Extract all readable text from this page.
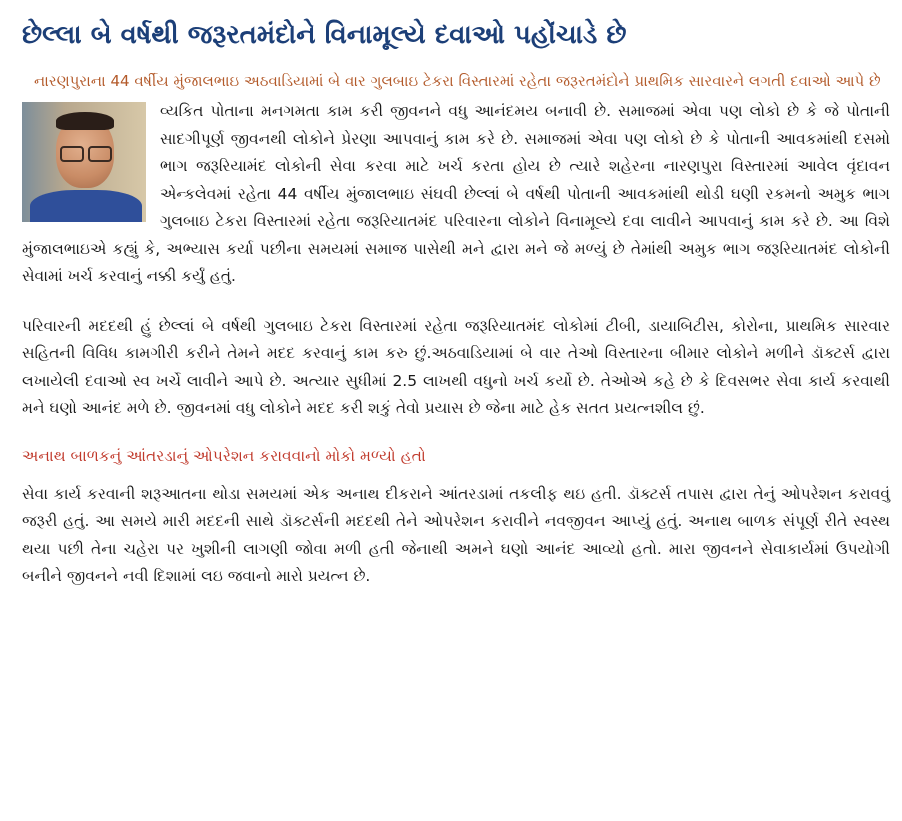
છેલ્લા બે વર્ષથી જરૂરતમંદોને વિનામૂલ્યે દવાઓ પહોંચાડે છે

નારણપુરાના 44 વર્ષીય મુંજાલભાઇ અઠવાડિયામાં બે વાર ગુલબાઇ ટેકરા વિસ્તારમાં રહેતા જરૂરતમંદોને પ્રાથમિક સારવારને લગતી દવાઓ આપે છે

વ્યકિત પોતાના મનગમતા કામ કરી જીવનને વધુ આનંદમય બનાવી છે. સમાજમાં એવા પણ લોકો છે કે જે પોતાની સાદગીપૂર્ણ જીવનથી લોકોને પ્રેરણા આપવાનું કામ કરે છે. સમાજમાં એવા પણ લોકો છે કે પોતાની આવકમાંથી દસમો ભાગ જરૂરિયામંદ લોકોની સેવા કરવા માટે ખર્ચ કરતા હોય છે ત્યારે શહેરના નારણપુરા વિસ્તારમાં આવેલ વૃંદાવન એન્કલેવમાં રહેતા 44 વર્ષીય મુંજાલભાઇ સંઘવી છેલ્લાં બે વર્ષથી પોતાની આવકમાંથી થોડી ઘણી રકમનો અમુક ભાગ ગુલબાઇ ટેકરા વિસ્તારમાં રહેતા જરૂરિયાતમંદ પરિવારના લોકોને વિનામૂલ્યે દવા લાવીને આપવાનું કામ કરે છે. આ વિશે મુંજાલભાઇએ કહ્યું કે, અભ્યાસ કર્યા પછીના સમયમાં સમાજ પાસેથી મને દ્વારા મને જે મળ્યું છે તેમાંથી અમુક ભાગ જરૂરિયાતમંદ લોકોની સેવામાં ખર્ચ કરવાનું નક્કી કર્યું હતું.

પરિવારની મદદથી હું છેલ્લાં બે વર્ષથી ગુલબાઇ ટેકરા વિસ્તારમાં રહેતા જરૂરિયાતમંદ લોકોમાં ટીબી, ડાયાબિટીસ, કોરોના, પ્રાથમિક સારવાર સહિતની વિવિધ કામગીરી કરીને તેમને મદદ કરવાનું કામ કરુ છું.અઠવાડિયામાં બે વાર તેઓ વિસ્તારના બીમાર લોકોને મળીને ડૉક્ટર્સ દ્વારા લખાયેલી દવાઓ સ્વ ખર્ચે લાવીને આપે છે. અત્યાર સુધીમાં 2.5 લાખથી વધુનો ખર્ચ કર્યો છે. તેઓએ કહે છે કે દિવસભર સેવા કાર્ય કરવાથી મને ઘણો આનંદ મળે છે. જીવનમાં વધુ લોકોને મદદ કરી શકું તેવો પ્રયાસ છે જેના માટે હેક સતત પ્રયત્નશીલ છું.

અનાથ બાળકનું આંતરડાનું ઓપરેશન કરાવવાનો મોકો મળ્યો હતો

સેવા કાર્ય કરવાની શરૂઆતના થોડા સમયમાં એક અનાથ દીકરાને આંતરડામાં તકલીફ થઇ હતી. ડૉક્ટર્સ તપાસ દ્વારા તેનું ઓપરેશન કરાવવું જરૂરી હતું. આ સમયે મારી મદદની સાથે ડૉક્ટર્સની મદદથી તેને ઓપરેશન કરાવીને નવજીવન આપ્યું હતું. અનાથ બાળક સંપૂર્ણ રીતે સ્વસ્થ થયા પછી તેના ચહેરા પર ખુશીની લાગણી જોવા મળી હતી જેનાથી અમને ઘણો આનંદ આવ્યો હતો. મારા જીવનને સેવાકાર્યમાં ઉપયોગી બનીને જીવનને નવી દિશામાં લઇ જવાનો મારો પ્રયત્ન છે.
